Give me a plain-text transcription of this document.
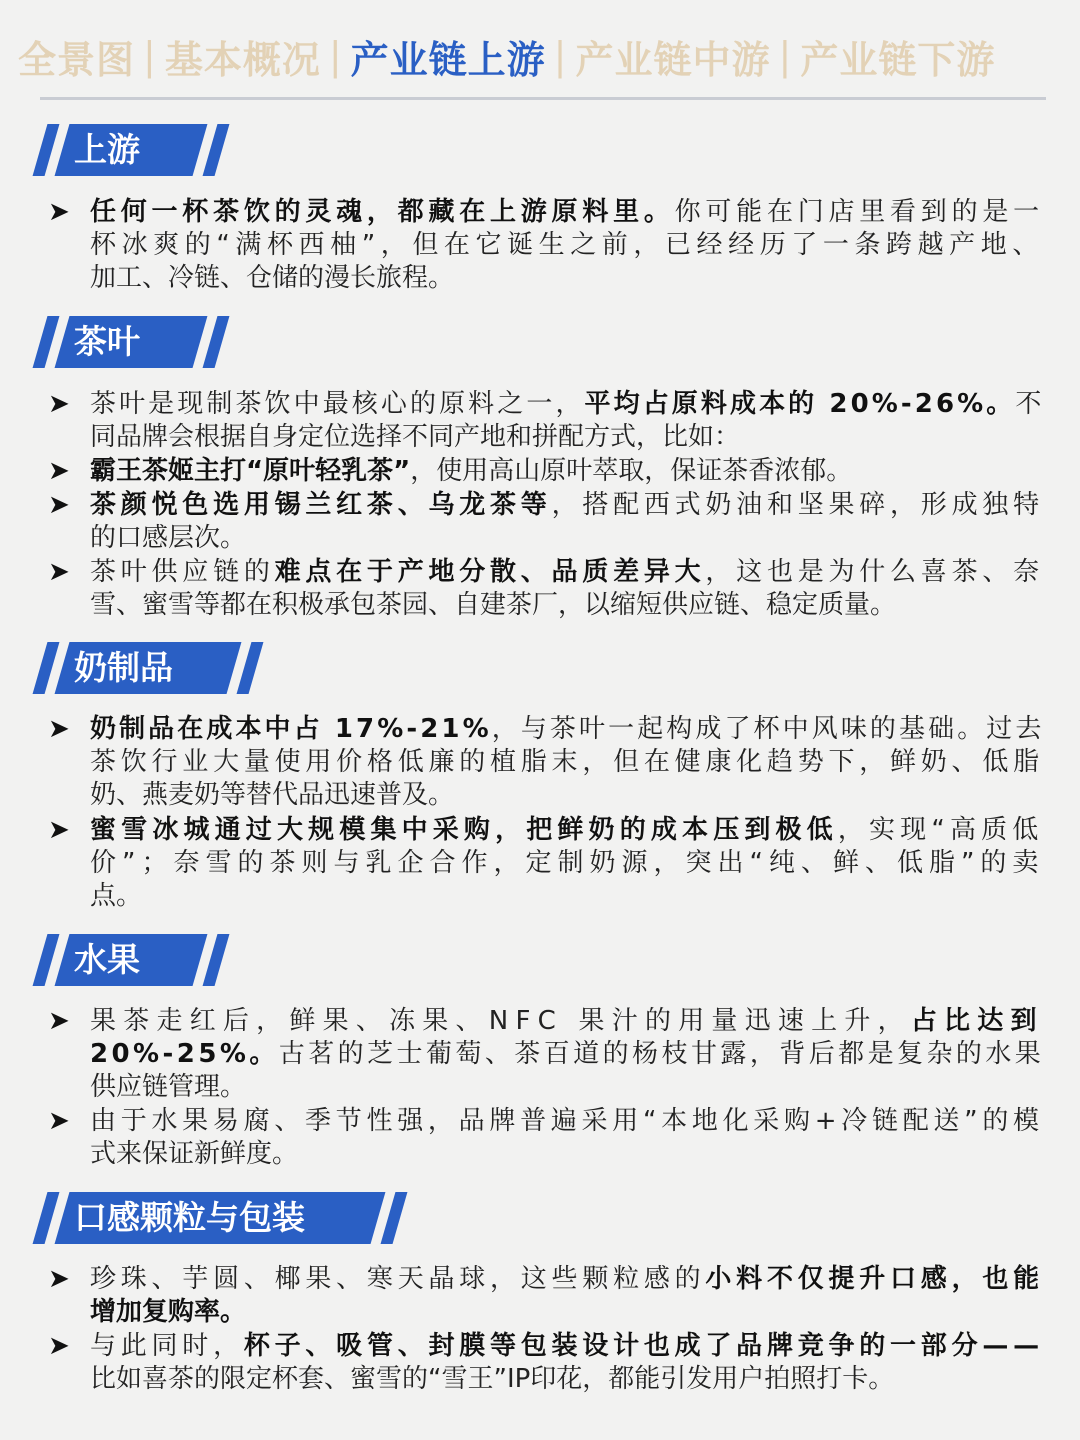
全景图 | 基本概况 | 产业链上游 | 产业链中游 | 产业链下游
上游
➤ 任何一杯茶饮的灵魂，都藏在上游原料里。你可能在门店里看到的是一
杯冰爽的“满杯西柚”，但在它诞生之前，已经经历了一条跨越产地、
加工、冷链、仓储的漫长旅程。
茶叶
➤ 茶叶是现制茶饮中最核心的原料之一，平均占原料成本的 20%-26%。不
同品牌会根据自身定位选择不同产地和拼配方式，比如：
➤ 霸王茶姬主打“原叶轻乳茶”，使用高山原叶萃取，保证茶香浓郁。
➤ 茶颜悦色选用锡兰红茶、乌龙茶等，搭配西式奶油和坚果碎，形成独特
的口感层次。
➤ 茶叶供应链的难点在于产地分散、品质差异大，这也是为什么喜茶、奈
雪、蜜雪等都在积极承包茶园、自建茶厂，以缩短供应链、稳定质量。
奶制品
➤ 奶制品在成本中占 17%-21%，与茶叶一起构成了杯中风味的基础。过去
茶饮行业大量使用价格低廉的植脂末，但在健康化趋势下，鲜奶、低脂
奶、燕麦奶等替代品迅速普及。
➤ 蜜雪冰城通过大规模集中采购，把鲜奶的成本压到极低，实现“高质低
价”；奈雪的茶则与乳企合作，定制奶源，突出“纯、鲜、低脂”的卖
点。
水果
➤ 果茶走红后，鲜果、冻果、NFC 果汁的用量迅速上升，占比达到
20%-25%。古茗的芝士葡萄、茶百道的杨枝甘露，背后都是复杂的水果
供应链管理。
➤ 由于水果易腐、季节性强，品牌普遍采用“本地化采购+冷链配送”的模
式来保证新鲜度。
口感颗粒与包装
➤ 珍珠、芋圆、椰果、寒天晶球，这些颗粒感的小料不仅提升口感，也能
增加复购率。
➤ 与此同时，杯子、吸管、封膜等包装设计也成了品牌竞争的一部分——
比如喜茶的限定杯套、蜜雪的“雪王”IP印花，都能引发用户拍照打卡。
